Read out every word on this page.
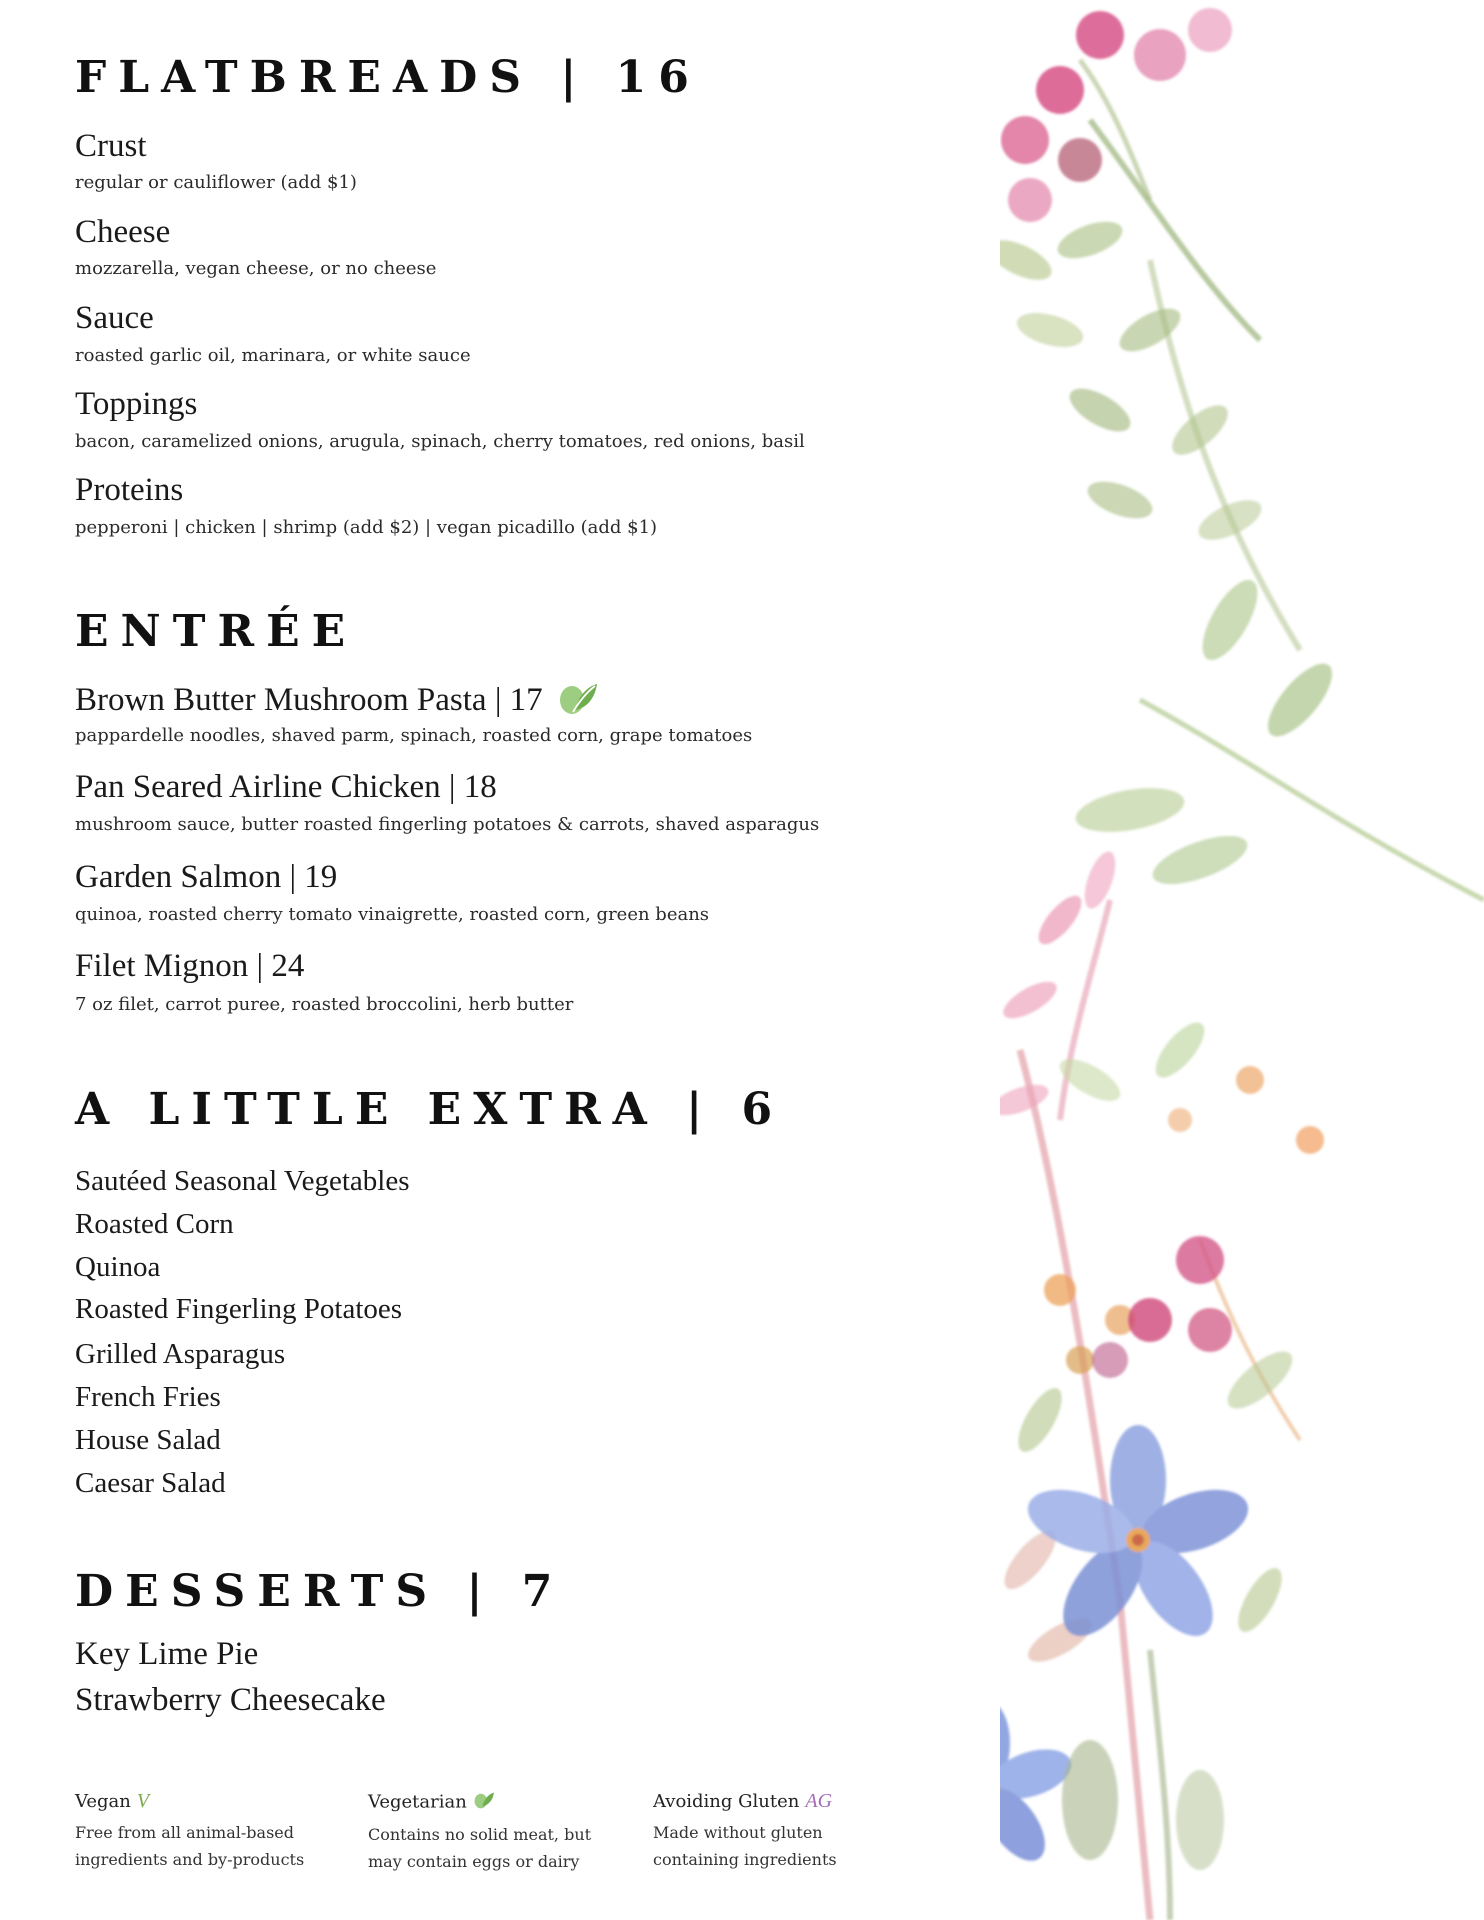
FLATBREADS | 16
Crust
regular or cauliflower (add $1)
Cheese
mozzarella, vegan cheese, or no cheese
Sauce
roasted garlic oil, marinara, or white sauce
Toppings
bacon, caramelized onions, arugula, spinach, cherry tomatoes, red onions, basil
Proteins
pepperoni | chicken | shrimp (add $2) | vegan picadillo (add $1)
ENTRÉE
Brown Butter Mushroom Pasta | 17
pappardelle noodles, shaved parm, spinach, roasted corn, grape tomatoes
Pan Seared Airline Chicken | 18
mushroom sauce, butter roasted fingerling potatoes & carrots, shaved asparagus
Garden Salmon | 19
quinoa, roasted cherry tomato vinaigrette, roasted corn, green beans
Filet Mignon | 24
7 oz filet, carrot puree, roasted broccolini, herb butter
A LITTLE EXTRA | 6
Sautéed Seasonal Vegetables
Roasted Corn
Quinoa
Roasted Fingerling Potatoes
Grilled Asparagus
French Fries
House Salad
Caesar Salad
DESSERTS | 7
Key Lime Pie
Strawberry Cheesecake
Vegan V
Free from all animal-based ingredients and by-products
Vegetarian
Contains no solid meat, but may contain eggs or dairy
Avoiding Gluten AG
Made without gluten containing ingredients
